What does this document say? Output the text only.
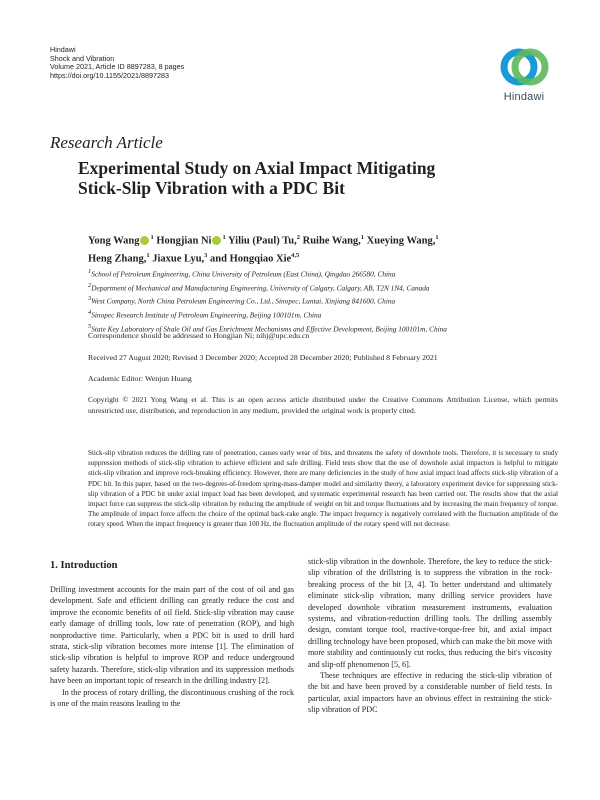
Hindawi
Shock and Vibration
Volume 2021, Article ID 8897283, 8 pages
https://doi.org/10.1155/2021/8897283
Hindawi
Research Article
Experimental Study on Axial Impact Mitigating
Stick-Slip Vibration with a PDC Bit
Yong Wang $^1$ Hongjian Ni $^1$ Yiliu (Paul) Tu,$^2$ Ruihe Wang,$^1$ Xueying Wang,$^1$
Heng Zhang,$^1$ Jiaxue Lyu,$^3$ and Hongqiao Xie$^{4,5}$
$^1$School of Petroleum Engineering, China University of Petroleum (East China), Qingdao 266580, China
$^2$Department of Mechanical and Manufacturing Engineering, University of Calgary, Calgary, AB, T2N 1N4, Canada
$^3$West Company, North China Petroleum Engineering Co., Ltd., Sinopec, Luntai, Xinjiang 841600, China
$^4$Sinopec Research Institute of Petroleum Engineering, Beijing 100101m, China
$^5$State Key Laboratory of Shale Oil and Gas Enrichment Mechanisms and Effective Development, Beijing 100101m, China
Correspondence should be addressed to Hongjian Ni; nihj@upc.edu.cn
Received 27 August 2020; Revised 3 December 2020; Accepted 28 December 2020; Published 8 February 2021
Academic Editor: Wenjun Huang
Copyright © 2021 Yong Wang et al. This is an open access article distributed under the Creative Commons Attribution License, which permits unrestricted use, distribution, and reproduction in any medium, provided the original work is properly cited.
Stick-slip vibration reduces the drilling rate of penetration, causes early wear of bits, and threatens the safety of downhole tools. Therefore, it is necessary to study suppression methods of stick-slip vibration to achieve efficient and safe drilling. Field tests show that the use of downhole axial impactors is helpful to mitigate stick-slip vibration and improve rock-breaking efficiency. However, there are many deficiencies in the study of how axial impact load affects stick-slip vibration of a PDC bit. In this paper, based on the two-degrees-of-freedom spring-mass-damper model and similarity theory, a laboratory experiment device for suppressing stick-slip vibration of a PDC bit under axial impact load has been developed, and systematic experimental research has been carried out. The results show that the axial impact force can suppress the stick-slip vibration by reducing the amplitude of weight on bit and torque fluctuations and by increasing the main frequency of torque. The amplitude of impact force affects the choice of the optimal back-rake angle. The impact frequency is negatively correlated with the fluctuation amplitude of the rotary speed. When the impact frequency is greater than 100 Hz, the fluctuation amplitude of the rotary speed will not decrease.
1. Introduction

Drilling investment accounts for the main part of the cost of oil and gas development. Safe and efficient drilling can greatly reduce the cost and improve the economic benefits of oil field. Stick-slip vibration may cause early damage of drilling tools, low rate of penetration (ROP), and high nonproductive time. Particularly, when a PDC bit is used to drill hard strata, stick-slip vibration becomes more intense [1]. The elimination of stick-slip vibration is helpful to improve ROP and reduce underground safety hazards. Therefore, stick-slip vibration and its suppression methods have been an important topic of research in the drilling industry [2].

In the process of rotary drilling, the discontinuous crushing of the rock is one of the main reasons leading to the

stick-slip vibration in the downhole. Therefore, the key to reduce the stick-slip vibration of the drillstring is to suppress the vibration in the rock-breaking process of the bit [3, 4]. To better understand and ultimately eliminate stick-slip vibration, many drilling service providers have developed downhole vibration measurement instruments, evaluation systems, and vibration-reduction drilling tools. The drilling assembly design, constant torque tool, reactive-torque-free bit, and axial impact drilling technology have been proposed, which can make the bit move with more stability and continuously cut rocks, thus reducing the bit's viscosity and slip-off phenomenon [5, 6].

These techniques are effective in reducing the stick-slip vibration of the bit and have been proved by a considerable number of field tests. In particular, axial impactors have an obvious effect in restraining the stick-slip vibration of PDC
